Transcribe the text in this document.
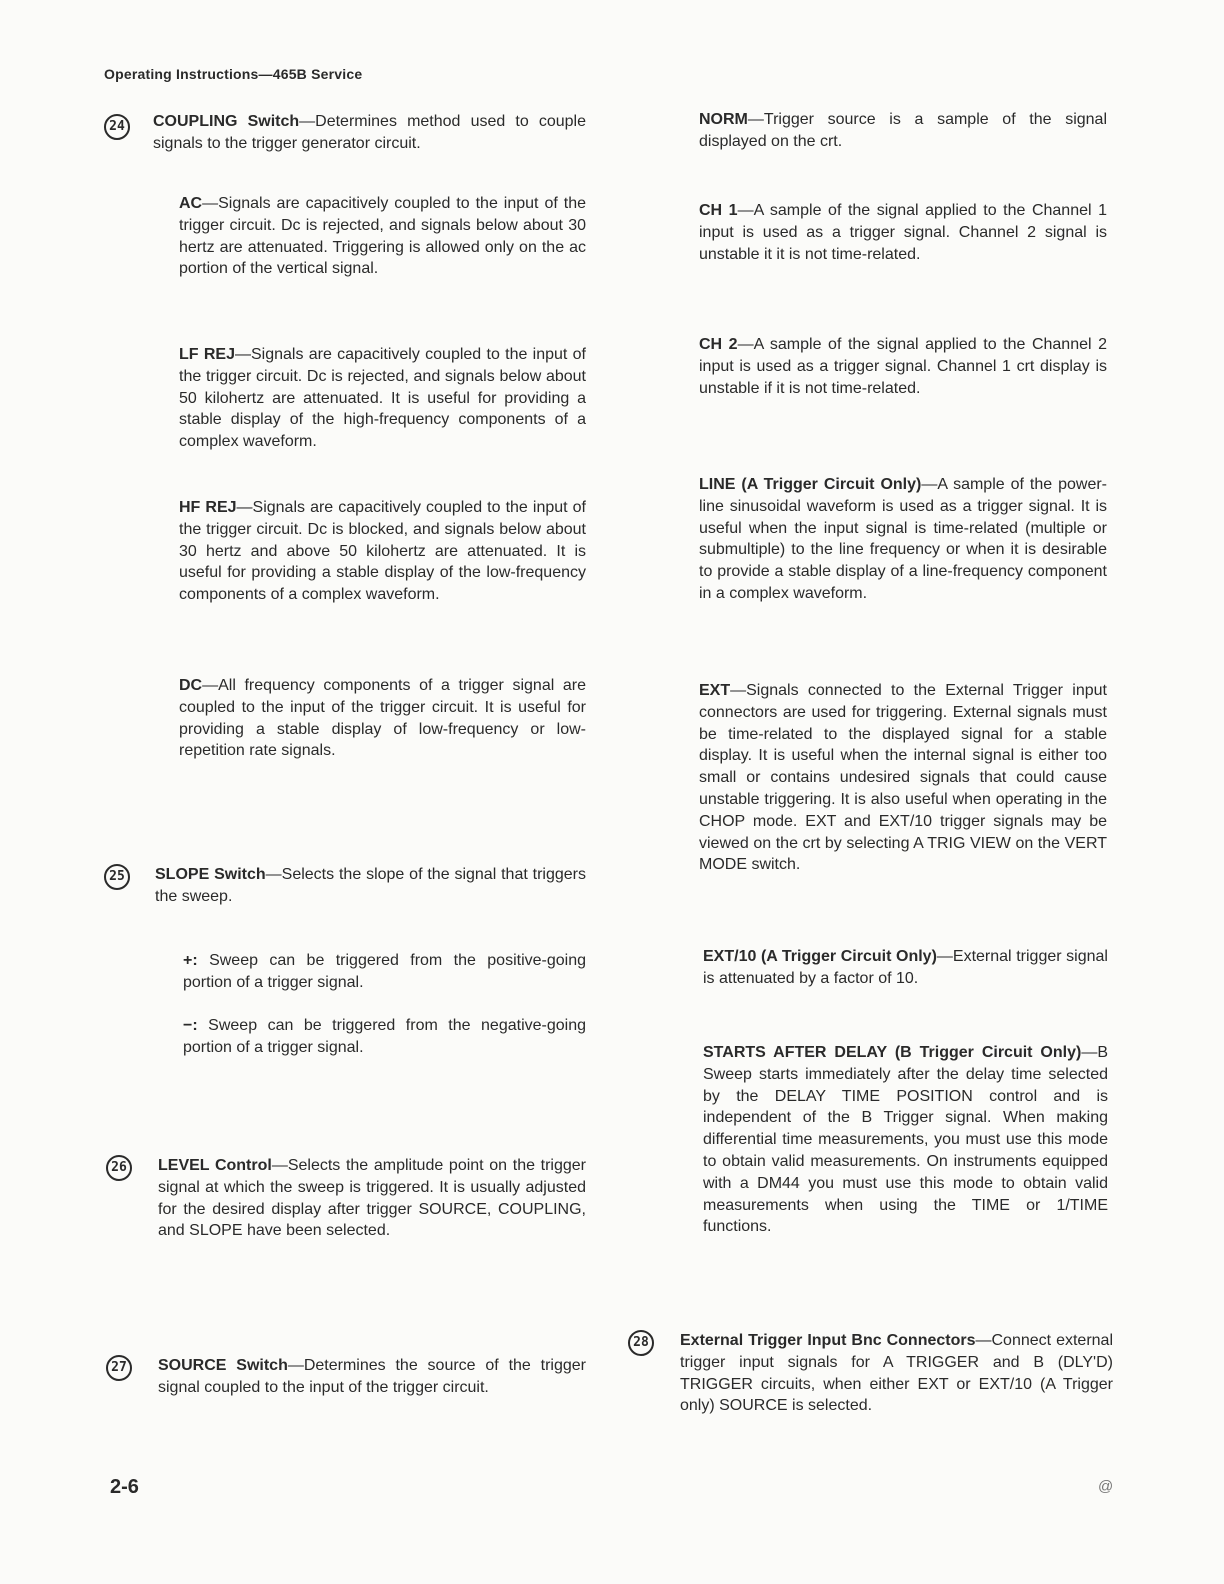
Operating Instructions—465B Service
24	COUPLING Switch—Determines method used to couple signals to the trigger generator circuit.

AC—Signals are capacitively coupled to the input of the trigger circuit. Dc is rejected, and signals below about 30 hertz are attenuated. Triggering is allowed only on the ac portion of the vertical signal.

LF REJ—Signals are capacitively coupled to the input of the trigger circuit. Dc is rejected, and signals below about 50 kilohertz are attenuated. It is useful for providing a stable display of the high-frequency components of a complex waveform.

HF REJ—Signals are capacitively coupled to the input of the trigger circuit. Dc is blocked, and signals below about 30 hertz and above 50 kilohertz are attenuated. It is useful for providing a stable display of the low-frequency components of a complex waveform.

DC—All frequency components of a trigger signal are coupled to the input of the trigger circuit. It is useful for providing a stable display of low-frequency or low-repetition rate signals.

25	SLOPE Switch—Selects the slope of the signal that triggers the sweep.

+: Sweep can be triggered from the positive-going portion of a trigger signal.

−: Sweep can be triggered from the negative-going portion of a trigger signal.

26	LEVEL Control—Selects the amplitude point on the trigger signal at which the sweep is triggered. It is usually adjusted for the desired display after trigger SOURCE, COUPLING, and SLOPE have been selected.

27	SOURCE Switch—Determines the source of the trigger signal coupled to the input of the trigger circuit.

NORM—Trigger source is a sample of the signal displayed on the crt.

CH 1—A sample of the signal applied to the Channel 1 input is used as a trigger signal. Channel 2 signal is unstable it it is not time-related.

CH 2—A sample of the signal applied to the Channel 2 input is used as a trigger signal. Channel 1 crt display is unstable if it is not time-related.

LINE (A Trigger Circuit Only)—A sample of the power-line sinusoidal waveform is used as a trigger signal. It is useful when the input signal is time-related (multiple or submultiple) to the line frequency or when it is desirable to provide a stable display of a line-frequency component in a complex waveform.

EXT—Signals connected to the External Trigger input connectors are used for triggering. External signals must be time-related to the displayed signal for a stable display. It is useful when the internal signal is either too small or contains undesired signals that could cause unstable triggering. It is also useful when operating in the CHOP mode. EXT and EXT/10 trigger signals may be viewed on the crt by selecting A TRIG VIEW on the VERT MODE switch.

EXT/10 (A Trigger Circuit Only)—External trigger signal is attenuated by a factor of 10.

STARTS AFTER DELAY (B Trigger Circuit Only)—B Sweep starts immediately after the delay time selected by the DELAY TIME POSITION control and is independent of the B Trigger signal. When making differential time measurements, you must use this mode to obtain valid measurements. On instruments equipped with a DM44 you must use this mode to obtain valid measurements when using the TIME or 1/TIME functions.

28	External Trigger Input Bnc Connectors—Connect external trigger input signals for A TRIGGER and B (DLY'D) TRIGGER circuits, when either EXT or EXT/10 (A Trigger only) SOURCE is selected.

2-6	@
